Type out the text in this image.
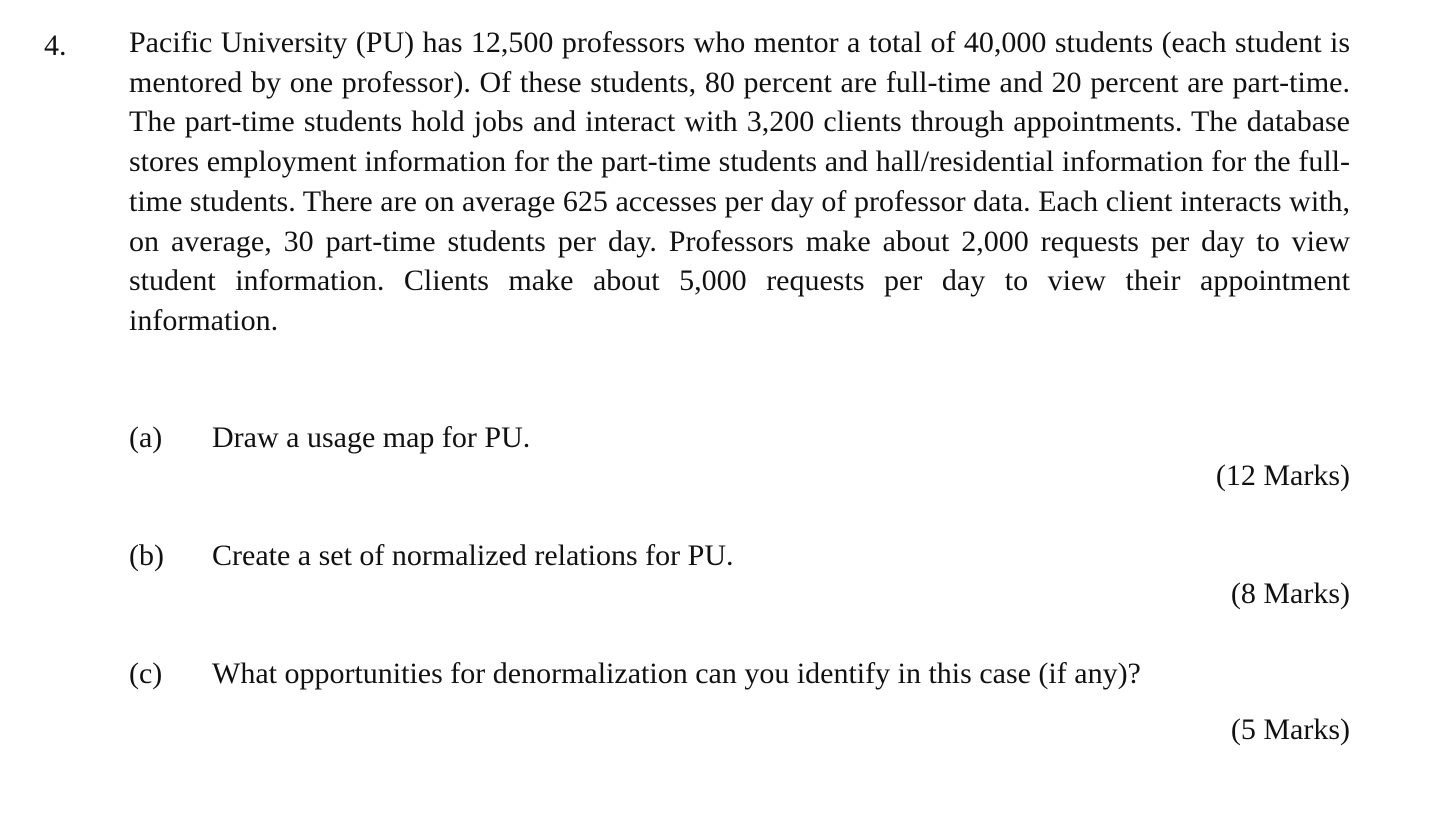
4. Pacific University (PU) has 12,500 professors who mentor a total of 40,000 students (each student is mentored by one professor). Of these students, 80 percent are full-time and 20 percent are part-time. The part-time students hold jobs and interact with 3,200 clients through appointments. The database stores employment information for the part-time students and hall/residential information for the full-time students. There are on average 625 accesses per day of professor data. Each client interacts with, on average, 30 part-time students per day. Professors make about 2,000 requests per day to view student information. Clients make about 5,000 requests per day to view their appointment information.

(a) Draw a usage map for PU.
(12 Marks)
(b) Create a set of normalized relations for PU.
(8 Marks)
(c) What opportunities for denormalization can you identify in this case (if any)?
(5 Marks)
